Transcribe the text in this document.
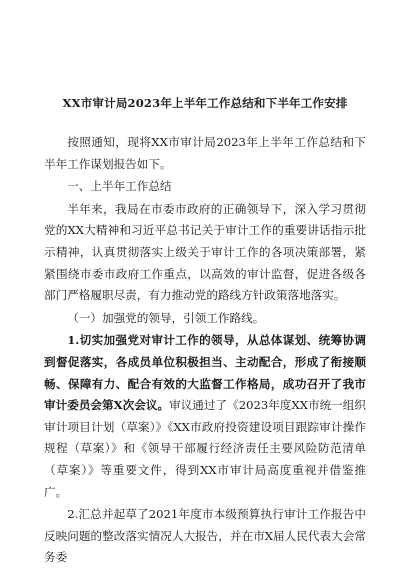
XX市审计局2023年上半年工作总结和下半年工作安排

按照通知，现将XX市审计局2023年上半年工作总结和下半年工作谋划报告如下。

一、上半年工作总结

半年来，我局在市委市政府的正确领导下，深入学习贯彻党的XX大精神和习近平总书记关于审计工作的重要讲话指示批示精神，认真贯彻落实上级关于审计工作的各项决策部署，紧紧围绕市委市政府工作重点，以高效的审计监督，促进各级各部门严格履职尽责，有力推动党的路线方针政策落地落实。

（一）加强党的领导，引领工作路线。

1.切实加强党对审计工作的领导，从总体谋划、统筹协调到督促落实，各成员单位积极担当、主动配合，形成了衔接顺畅、保障有力、配合有效的大监督工作格局，成功召开了我市审计委员会第X次会议。审议通过了《2023年度XX市统一组织审计项目计划（草案）》《XX市政府投资建设项目跟踪审计操作规程（草案）》和《领导干部履行经济责任主要风险防范清单（草案）》等重要文件，得到XX市审计局高度重视并借鉴推广。

2.汇总并起草了2021年度市本级预算执行审计工作报告中反映问题的整改落实情况人大报告，并在市X届人民代表大会常务委
